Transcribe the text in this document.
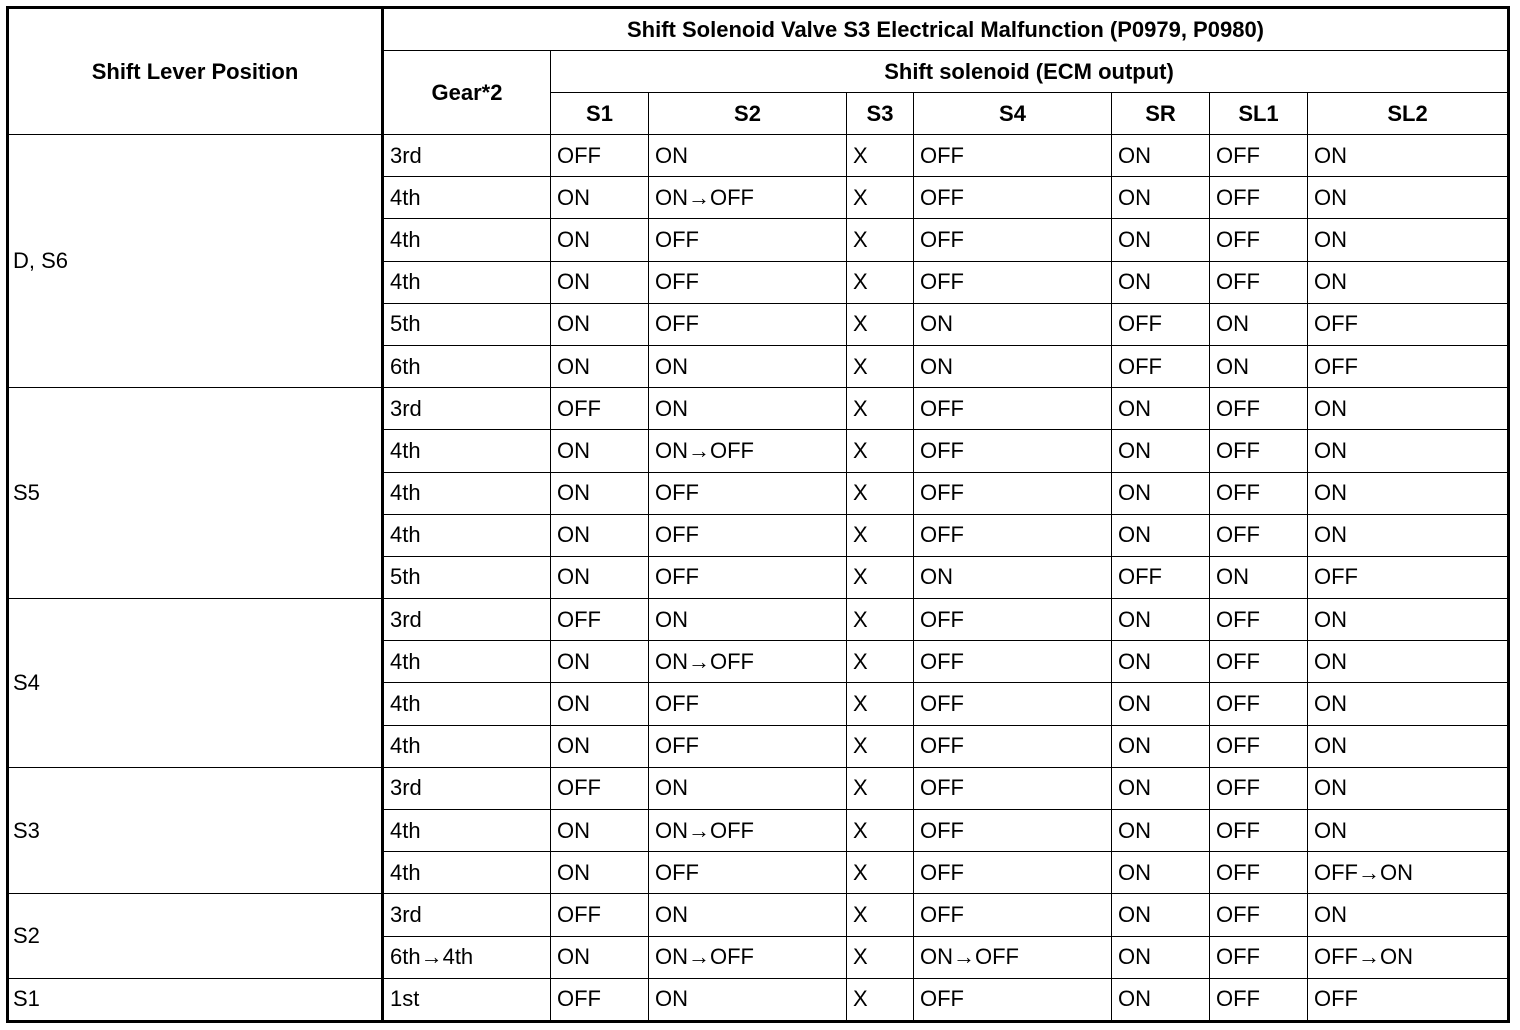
Shift Lever Position	Shift Solenoid Valve S3 Electrical Malfunction (P0979, P0980)							
	Gear*2	Shift solenoid (ECM output)						
		S1	S2	S3	S4	SR	SL1	SL2
D, S6	3rd	OFF	ON	X	OFF	ON	OFF	ON
	4th	ON	ON→OFF	X	OFF	ON	OFF	ON
	4th	ON	OFF	X	OFF	ON	OFF	ON
	4th	ON	OFF	X	OFF	ON	OFF	ON
	5th	ON	OFF	X	ON	OFF	ON	OFF
	6th	ON	ON	X	ON	OFF	ON	OFF
S5	3rd	OFF	ON	X	OFF	ON	OFF	ON
	4th	ON	ON→OFF	X	OFF	ON	OFF	ON
	4th	ON	OFF	X	OFF	ON	OFF	ON
	4th	ON	OFF	X	OFF	ON	OFF	ON
	5th	ON	OFF	X	ON	OFF	ON	OFF
S4	3rd	OFF	ON	X	OFF	ON	OFF	ON
	4th	ON	ON→OFF	X	OFF	ON	OFF	ON
	4th	ON	OFF	X	OFF	ON	OFF	ON
	4th	ON	OFF	X	OFF	ON	OFF	ON
S3	3rd	OFF	ON	X	OFF	ON	OFF	ON
	4th	ON	ON→OFF	X	OFF	ON	OFF	ON
	4th	ON	OFF	X	OFF	ON	OFF	OFF→ON
S2	3rd	OFF	ON	X	OFF	ON	OFF	ON
	6th→4th	ON	ON→OFF	X	ON→OFF	ON	OFF	OFF→ON
S1	1st	OFF	ON	X	OFF	ON	OFF	OFF
